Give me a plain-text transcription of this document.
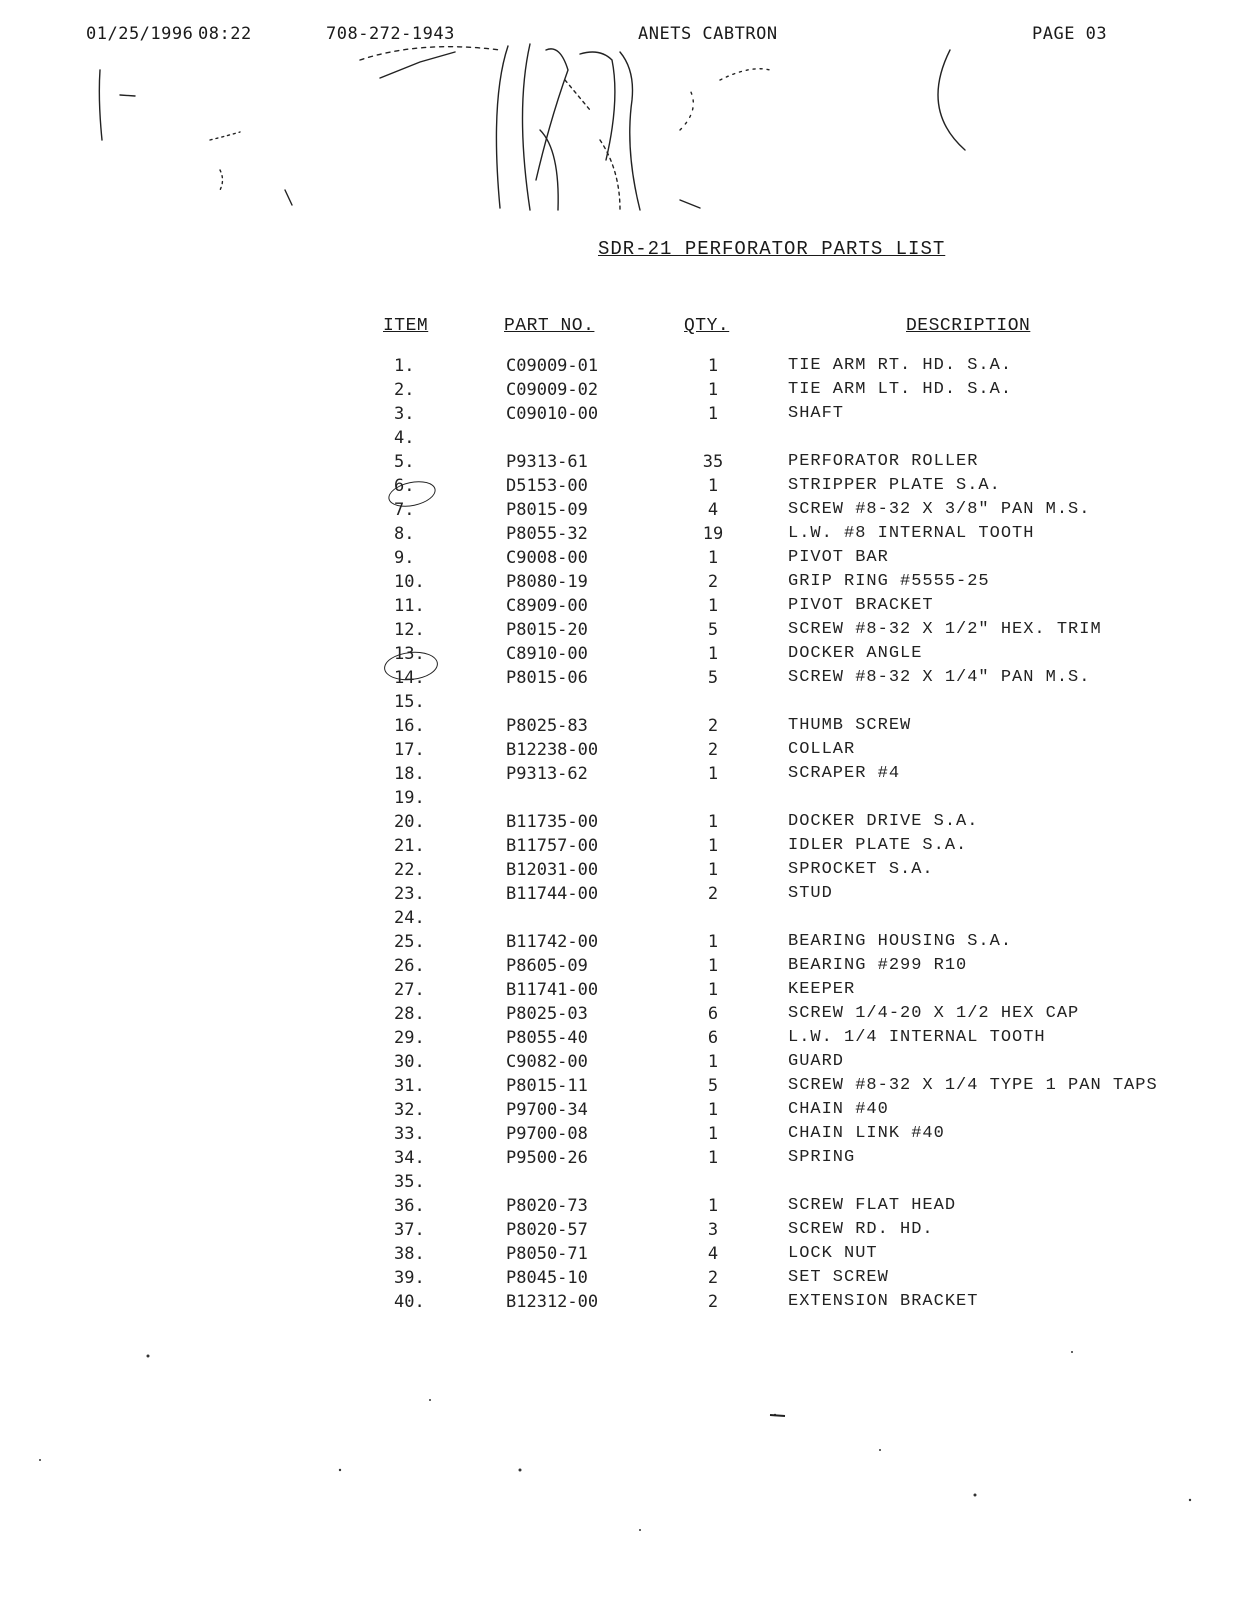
01/25/1996 08:22	708-272-1943	ANETS CABTRON	PAGE 03
SDR-21 PERFORATOR PARTS LIST
ITEM	PART NO.	QTY.	DESCRIPTION
1.	C09009-01	1	TIE ARM RT. HD. S.A.
2.	C09009-02	1	TIE ARM LT. HD. S.A.
3.	C09010-00	1	SHAFT
4.
5.	P9313-61	35	PERFORATOR ROLLER
6.	D5153-00	1	STRIPPER PLATE S.A.
7.	P8015-09	4	SCREW #8-32 X 3/8" PAN M.S.
8.	P8055-32	19	L.W. #8 INTERNAL TOOTH
9.	C9008-00	1	PIVOT BAR
10.	P8080-19	2	GRIP RING #5555-25
11.	C8909-00	1	PIVOT BRACKET
12.	P8015-20	5	SCREW #8-32 X 1/2" HEX. TRIM
13.	C8910-00	1	DOCKER ANGLE
14.	P8015-06	5	SCREW #8-32 X 1/4" PAN M.S.
15.
16.	P8025-83	2	THUMB SCREW
17.	B12238-00	2	COLLAR
18.	P9313-62	1	SCRAPER #4
19.
20.	B11735-00	1	DOCKER DRIVE S.A.
21.	B11757-00	1	IDLER PLATE S.A.
22.	B12031-00	1	SPROCKET S.A.
23.	B11744-00	2	STUD
24.
25.	B11742-00	1	BEARING HOUSING S.A.
26.	P8605-09	1	BEARING #299 R10
27.	B11741-00	1	KEEPER
28.	P8025-03	6	SCREW 1/4-20 X 1/2 HEX CAP
29.	P8055-40	6	L.W. 1/4 INTERNAL TOOTH
30.	C9082-00	1	GUARD
31.	P8015-11	5	SCREW #8-32 X 1/4 TYPE 1 PAN TAPS
32.	P9700-34	1	CHAIN #40
33.	P9700-08	1	CHAIN LINK #40
34.	P9500-26	1	SPRING
35.
36.	P8020-73	1	SCREW FLAT HEAD
37.	P8020-57	3	SCREW RD. HD.
38.	P8050-71	4	LOCK NUT
39.	P8045-10	2	SET SCREW
40.	B12312-00	2	EXTENSION BRACKET
